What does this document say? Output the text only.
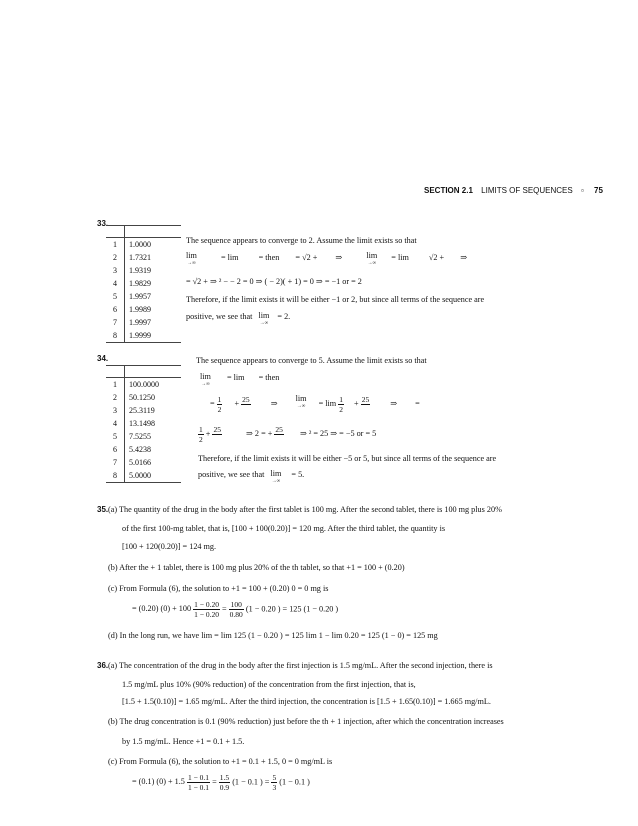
SECTION 2.1 LIMITS OF SEQUENCES ▫ 75
33.

1	1.0000
2	1.7321
3	1.9319
4	1.9829
5	1.9957
6	1.9989
7	1.9997
8	1.9999
The sequence appears to converge to 2. Assume the limit exists so that
lim
→∞
= lim = then = √2 + ⇒	lim
→∞
= lim √2 + ⇒
= √2 + ⇒ ² − − 2 = 0 ⇒ ( − 2)( + 1) = 0 ⇒ = −1 or = 2
Therefore, if the limit exists it will be either −1 or 2, but since all terms of the sequence are
positive, we see that lim
→∞
= 2.
34.

1	100.0000
2	50.1250
3	25.3119
4	13.1498
5	7.5255
6	5.4238
7	5.0166
8	5.0000
The sequence appears to converge to 5. Assume the limit exists so that
lim
→∞
= lim = then
= $\frac{1}{2} + 25$
	⇒ lim
→∞ = $\lim \frac{1}{2} + 25$
	⇒ =
$\frac{1}{2} + 25$
	⇒ 2 = + 25
⇒ ² = 25 ⇒ = −5 or = 5
Therefore, if the limit exists it will be either −5 or 5, but since all terms of the sequence are
positive, we see that lim
→∞
= 5.
35. (a) The quantity of the drug in the body after the first tablet is 100 mg. After the second tablet, there is 100 mg plus 20%
of the first 100-mg tablet, that is, [100 + 100(0.20)] = 120 mg. After the third tablet, the quantity is
[100 + 120(0.20)] = 124 mg.
(b) After the + 1 tablet, there is 100 mg plus 20% of the th tablet, so that +1 = 100 + (0.20)
(c) From Formula (6), the solution to +1 = 100 + (0.20) 0 = 0 mg is
= (0.20) $(0) + 100 \frac{1 - 0.20}{1 - 0.20} = \frac{100}{0.80} (1 - 0.20$ ) = 125 (1 − 0.20 )
(d) In the long run, we have lim = lim 125 (1 − 0.20 ) = 125 lim 1 − lim 0.20 = 125 (1 − 0) = 125 mg
36. (a) The concentration of the drug in the body after the first injection is 1.5 mg/mL. After the second injection, there is
1.5 mg/mL plus 10% (90% reduction) of the concentration from the first injection, that is,
[1.5 + 1.5(0.10)] = 1.65 mg/mL. After the third injection, the concentration is [1.5 + 1.65(0.10)] = 1.665 mg/mL.
(b) The drug concentration is 0.1 (90% reduction) just before the th + 1 injection, after which the concentration increases
by 1.5 mg/mL. Hence +1 = 0.1 + 1.5.
(c) From Formula (6), the solution to +1 = 0.1 + 1.5, 0 = 0 mg/mL is
= (0.1) $(0) + 1.5 \frac{1 - 0.1}{1 - 0.1} = \frac{1.5}{0.9} (1 - 0.1$ ) = $\frac{5}{3} (1 - 0.1$ )
